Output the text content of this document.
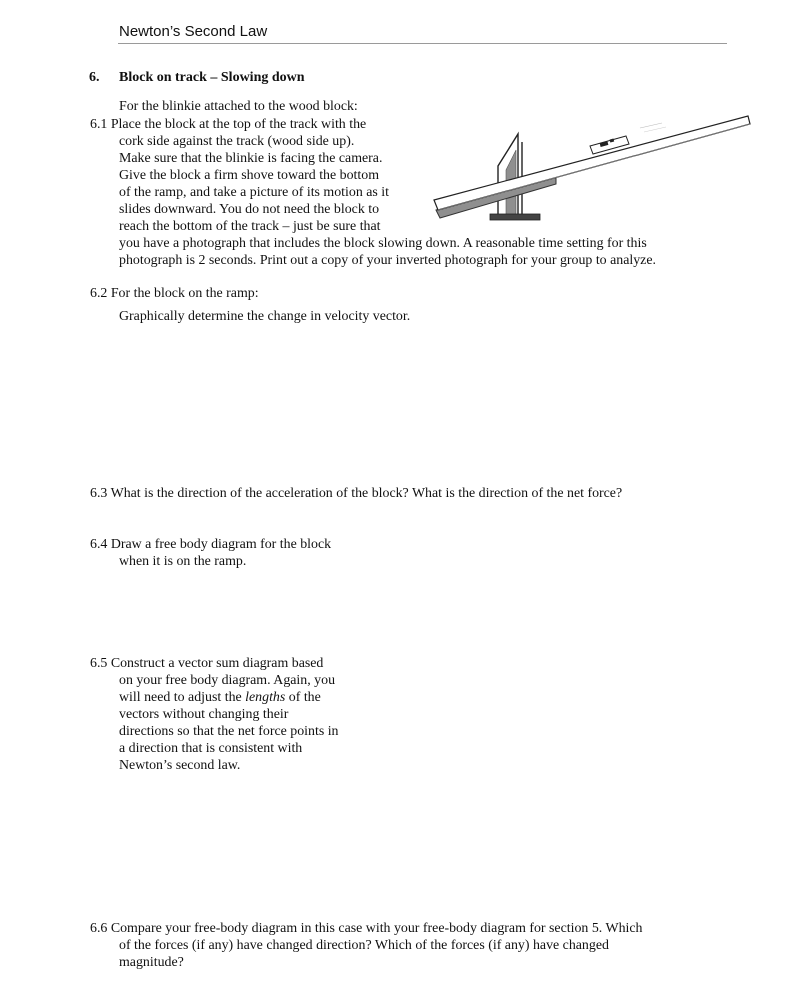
Newton’s Second Law
6. Block on track – Slowing down
For the blinkie attached to the wood block:
6.1 Place the block at the top of the track with the
cork side against the track (wood side up).
Make sure that the blinkie is facing the camera.
Give the block a firm shove toward the bottom
of the ramp, and take a picture of its motion as it
slides downward. You do not need the block to
reach the bottom of the track – just be sure that
you have a photograph that includes the block slowing down. A reasonable time setting for this
photograph is 2 seconds. Print out a copy of your inverted photograph for your group to analyze.
6.2 For the block on the ramp:
Graphically determine the change in velocity vector.
6.3 What is the direction of the acceleration of the block? What is the direction of the net force?
6.4 Draw a free body diagram for the block
when it is on the ramp.
6.5 Construct a vector sum diagram based
on your free body diagram. Again, you
will need to adjust the lengths of the
vectors without changing their
directions so that the net force points in
a direction that is consistent with
Newton’s second law.
6.6 Compare your free-body diagram in this case with your free-body diagram for section 5. Which
of the forces (if any) have changed direction? Which of the forces (if any) have changed
magnitude?
